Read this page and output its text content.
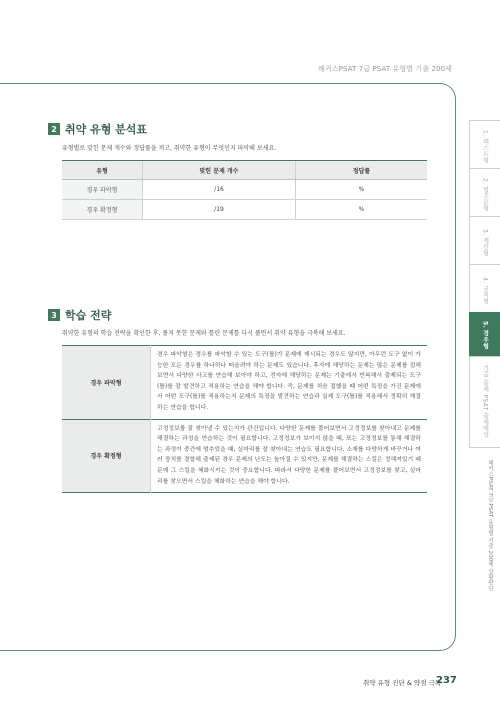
해커스PSAT 7급 PSAT 유형별 기출 200제
2 취약 유형 분석표
유형별로 맞힌 문제 개수와 정답률을 적고, 취약한 유형이 무엇인지 파악해 보세요.
유형	맞힌 문제 개수	정답률
경우 파악형	/16	%
경우 확정형	/19	%
3 학습 전략
취약한 유형의 학습 전략을 확인한 후, 풀지 못한 문제와 틀린 문제를 다시 풀면서 취약 유형을 극복해 보세요.
경우 파악형	경우 파악형은 경우를 파악할 수 있는 도구(틀)가 문제에 제시되는 경우도 많지만, 아무런 도구 없이 가능한 모든 경우를 하나하나 떠올려야 하는 문제도 있습니다. 후자에 해당하는 문제는 많은 문제를 접해보면서 다양한 사고를 연습해 보아야 하고, 전자에 해당하는 문제는 기출에서 반복해서 출제되는 도구(틀)를 잘 발견하고 적용하는 연습을 해야 합니다. 즉, 문제를 처음 접했을 때 어떤 특징을 가진 문제에서 어떤 도구(틀)를 적용하는지 문제의 특징을 발견하는 연습과 실제 도구(틀)를 적용해서 정확히 해결하는 연습을 합니다.
경우 확정형	고정정보를 잘 찾아낼 수 있는지가 관건입니다. 다양한 문제를 풀어보면서 고정정보를 찾아내고 문제를 해결하는 과정을 연습하는 것이 필요합니다. 고정정보가 보이지 않을 때, 또는 고정정보를 통해 해결하는 과정이 중간에 멈추었을 때, 실마리를 잘 찾아내는 연습도 필요합니다. 소재를 다양하게 바꾸거나 여러 장치를 결합해 출제된 경우 문제의 난도는 높아질 수 있지만, 문제를 해결하는 스킬은 정해져있기 때문에 그 스킬을 체화시키는 것이 중요합니다. 따라서 다양한 문제를 풀어보면서 고정정보를 찾고, 실마리를 찾으면서 스킬을 체화하는 연습을 해야 합니다.
1. 텍스트형
2. 법조문형
3. 계산형
4. 규칙형
5. 경우형
기출 출제 PSAT 출제예상
해커스PSAT 7급 PSAT 유형별 기출 200제 상황판단
취약 유형 진단 & 약점 극복
237
